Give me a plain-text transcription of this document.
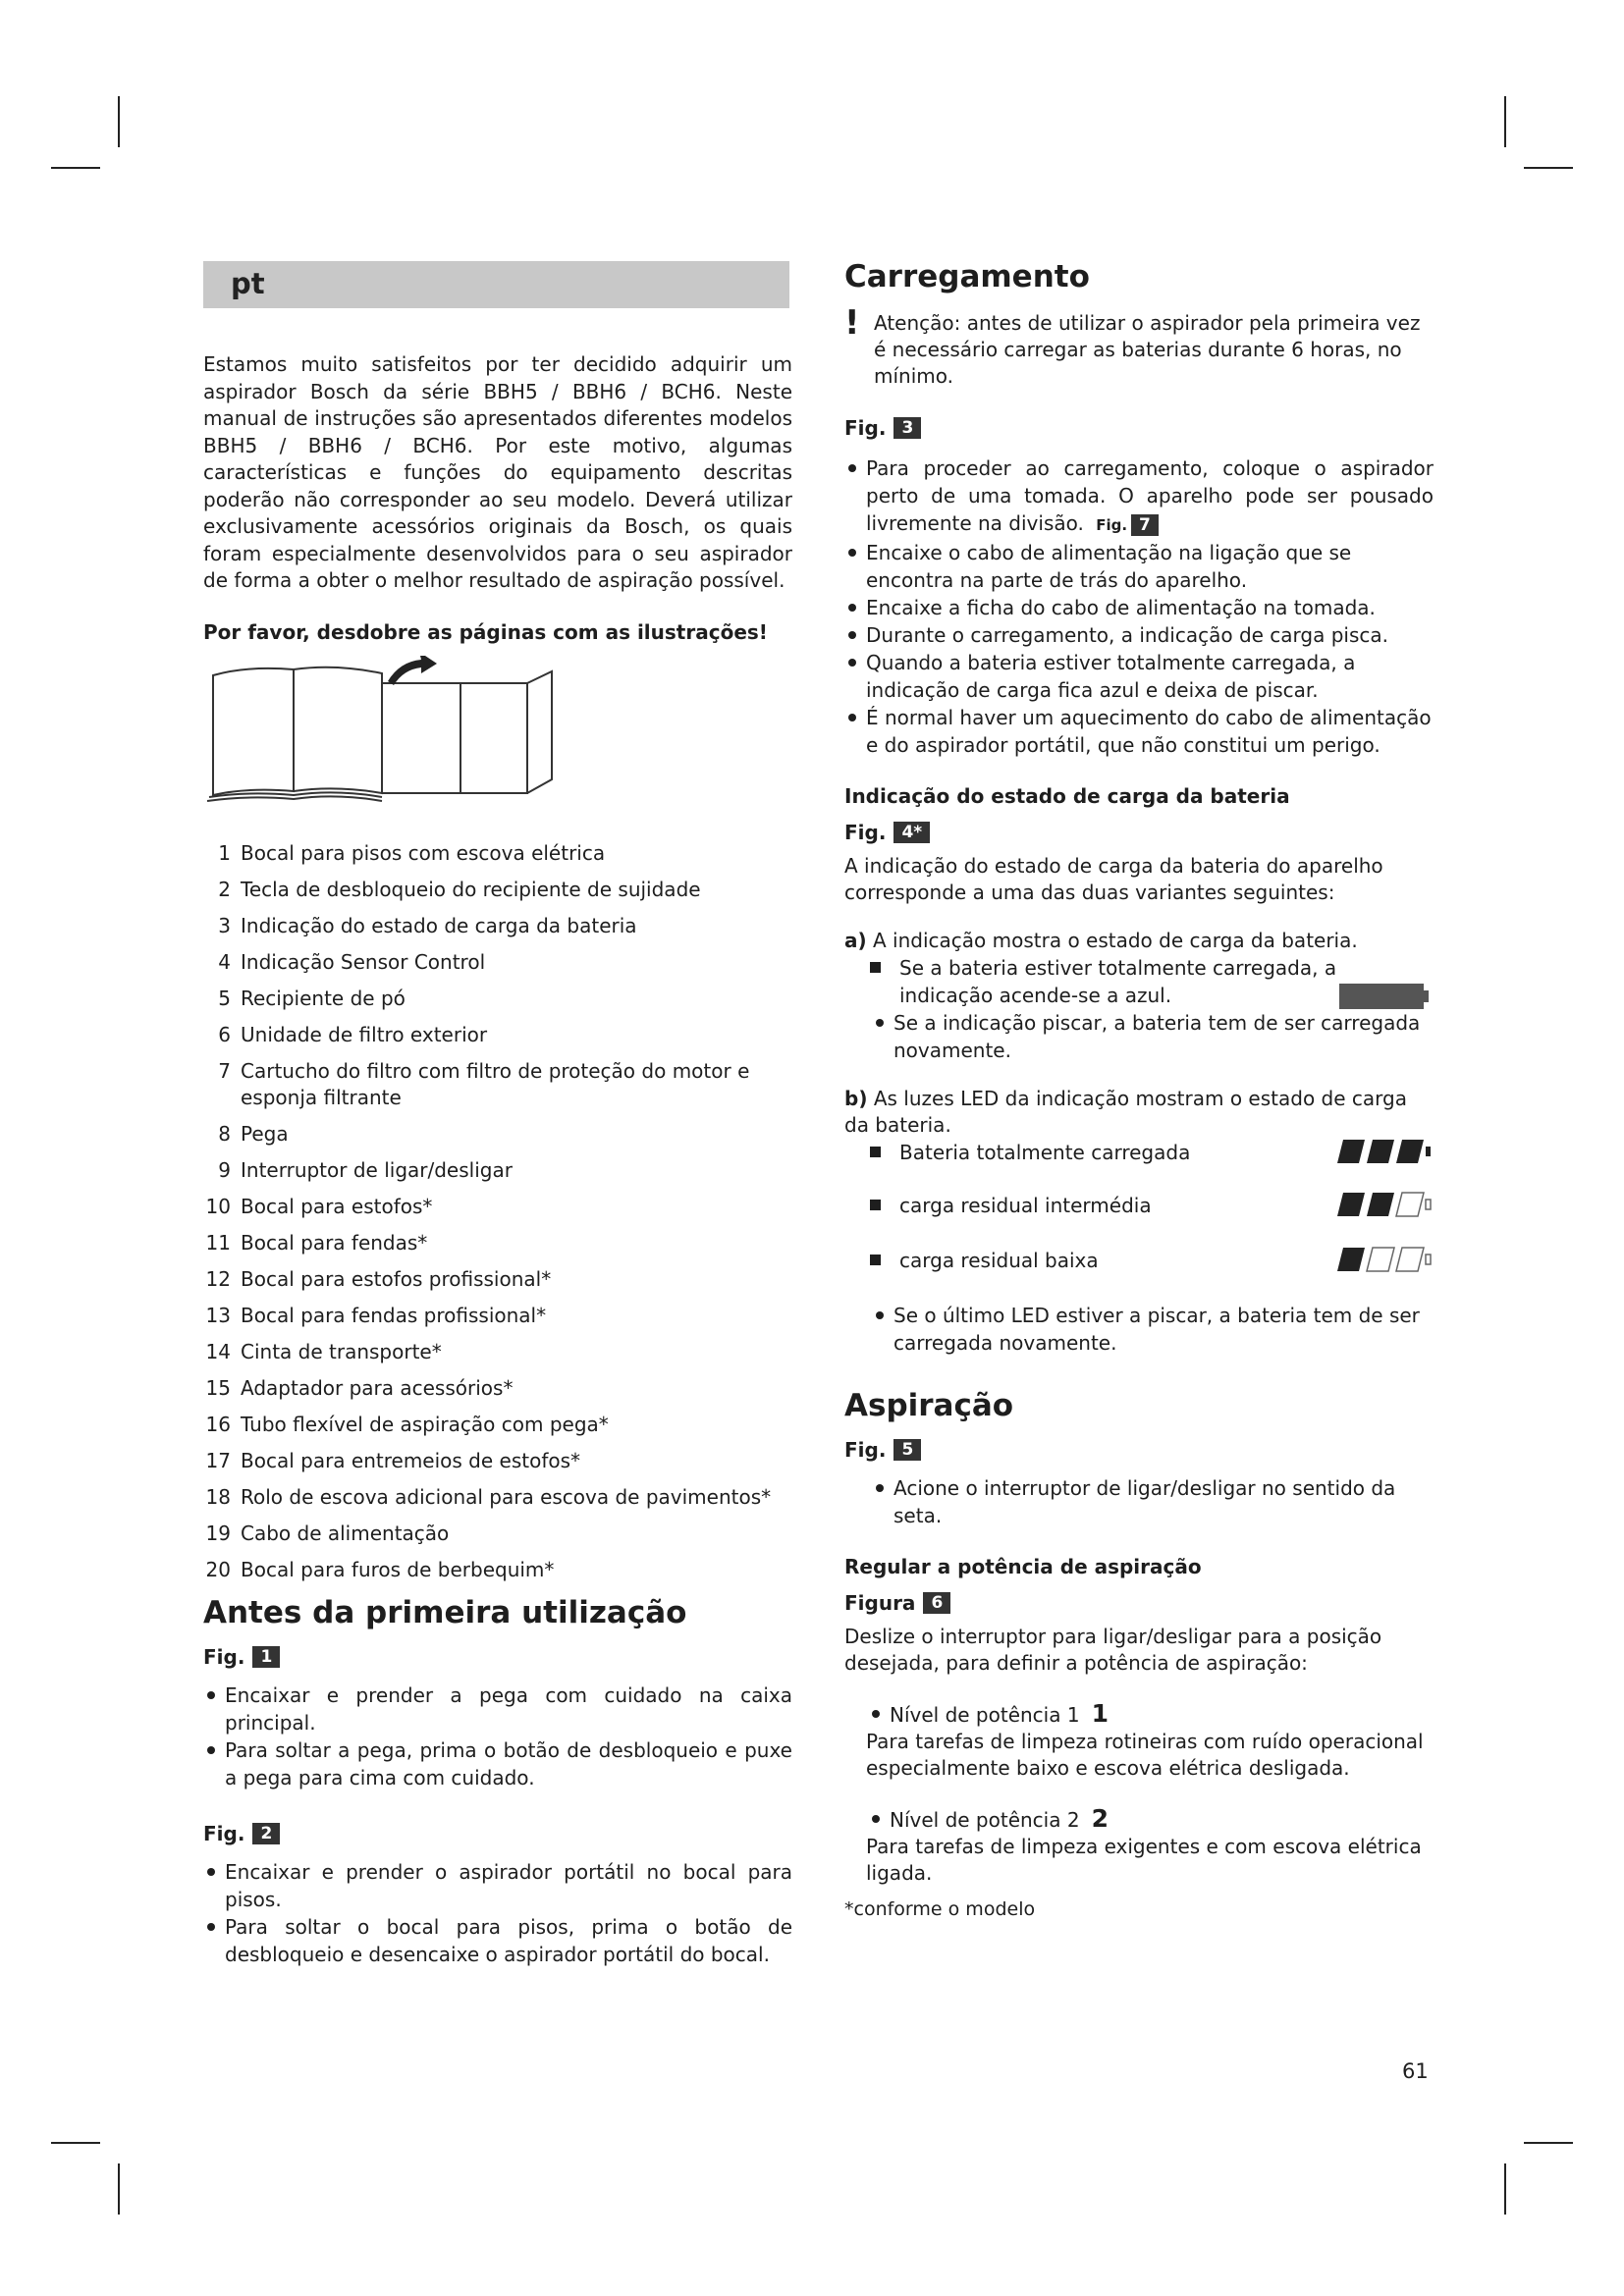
pt

Estamos muito satisfeitos por ter decidido adquirir um aspirador Bosch da série BBH5 / BBH6 / BCH6. Neste manual de instruções são apresentados diferentes modelos BBH5 / BBH6 / BCH6. Por este motivo, algumas características e funções do equipamento descritas poderão não corresponder ao seu modelo. Deverá utilizar exclusivamente acessórios originais da Bosch, os quais foram especialmente desenvolvidos para o seu aspirador de forma a obter o melhor resultado de aspiração possível.

Por favor, desdobre as páginas com as ilustrações!

1 Bocal para pisos com escova elétrica
2 Tecla de desbloqueio do recipiente de sujidade
3 Indicação do estado de carga da bateria
4 Indicação Sensor Control
5 Recipiente de pó
6 Unidade de filtro exterior
7 Cartucho do filtro com filtro de proteção do motor e esponja filtrante
8 Pega
9 Interruptor de ligar/desligar
10 Bocal para estofos*
11 Bocal para fendas*
12 Bocal para estofos profissional*
13 Bocal para fendas profissional*
14 Cinta de transporte*
15 Adaptador para acessórios*
16 Tubo flexível de aspiração com pega*
17 Bocal para entremeios de estofos*
18 Rolo de escova adicional para escova de pavimentos*
19 Cabo de alimentação
20 Bocal para furos de berbequim*
Antes da primeira utilização
Fig. 1

Encaixar e prender a pega com cuidado na caixa principal.

Para soltar a pega, prima o botão de desbloqueio e puxe a pega para cima com cuidado.

Fig. 2

Encaixar e prender o aspirador portátil no bocal para pisos.

Para soltar o bocal para pisos, prima o botão de desbloqueio e desencaixe o aspirador portátil do bocal.

Carregamento
! Atenção: antes de utilizar o aspirador pela primeira vez é necessário carregar as baterias durante 6 horas, no mínimo.
Fig. 3

Para proceder ao carregamento, coloque o aspirador perto de uma tomada. O aparelho pode ser pousado livremente na divisão. Fig. 7

Encaixe o cabo de alimentação na ligação que se encontra na parte de trás do aparelho.

Encaixe a ficha do cabo de alimentação na tomada.

Durante o carregamento, a indicação de carga pisca.

Quando a bateria estiver totalmente carregada, a indicação de carga fica azul e deixa de piscar.

É normal haver um aquecimento do cabo de alimentação e do aspirador portátil, que não constitui um perigo.

Indicação do estado de carga da bateria
Fig. 4*

A indicação do estado de carga da bateria do aparelho corresponde a uma das duas variantes seguintes:

a) A indicação mostra o estado de carga da bateria.

Se a bateria estiver totalmente carregada, a indicação acende-se a azul.

Se a indicação piscar, a bateria tem de ser carregada novamente.

b) As luzes LED da indicação mostram o estado de carga da bateria.

Bateria totalmente carregada
carga residual intermédia
carga residual baixa

Se o último LED estiver a piscar, a bateria tem de ser carregada novamente.

Aspiração
Fig. 5

Acione o interruptor de ligar/desligar no sentido da seta.

Regular a potência de aspiração
Figura 6

Deslize o interruptor para ligar/desligar para a posição desejada, para definir a potência de aspiração:

Nível de potência 1 1

Para tarefas de limpeza rotineiras com ruído operacional especialmente baixo e escova elétrica desligada.

Nível de potência 2 2

Para tarefas de limpeza exigentes e com escova elétrica ligada.

*conforme o modelo

61
